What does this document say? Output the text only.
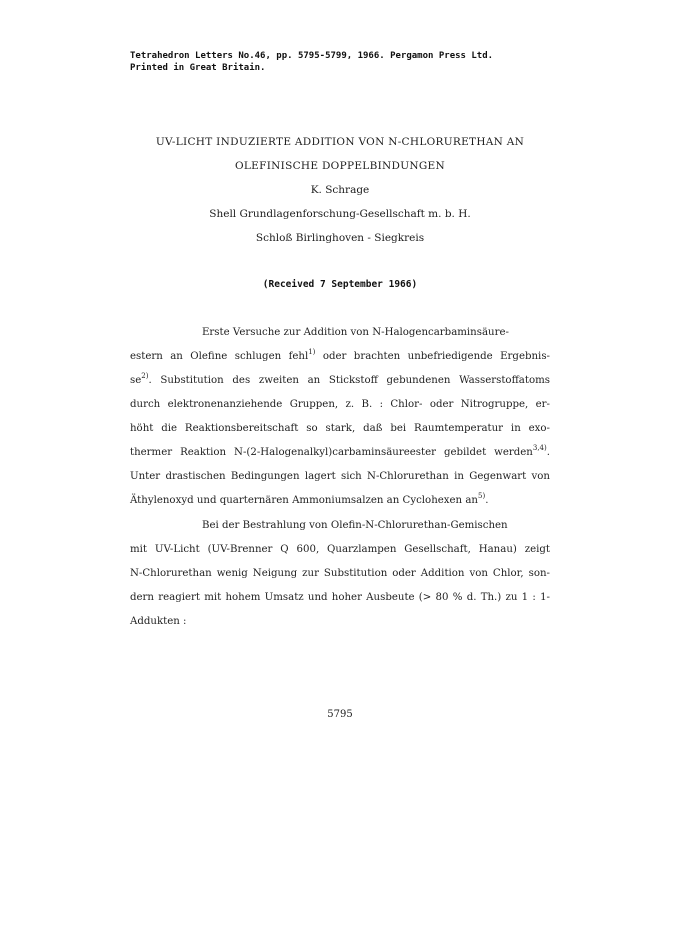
Tetrahedron Letters No.46, pp. 5795-5799, 1966. Pergamon Press Ltd.
Printed in Great Britain.
UV-LICHT INDUZIERTE ADDITION VON N-CHLORURETHAN AN
OLEFINISCHE DOPPELBINDUNGEN
K. Schrage
Shell Grundlagenforschung-Gesellschaft m. b. H.
Schloß Birlinghoven - Siegkreis
(Received 7 September 1966)
Erste Versuche zur Addition von N-Halogencarbaminsäure-
estern an Olefine schlugen fehl$^{1)}$ oder brachten unbefriedigende Ergebnis-
$se^{2)}$. Substitution des zweiten an Stickstoff gebundenen Wasserstoffatoms
durch elektronenanziehende Gruppen, z. B. : Chlor- oder Nitrogruppe, er-
höht die Reaktionsbereitschaft so stark, daß bei Raumtemperatur in exo-
thermer Reaktion N-(2-Halogenalkyl)carbaminsäureester gebildet werden$^{3,4)}$.
Unter drastischen Bedingungen lagert sich N-Chlorurethan in Gegenwart von
Äthylenoxyd und quarternären Ammoniumsalzen an Cyclohexen $an^{5)}$.
Bei der Bestrahlung von Olefin-N-Chlorurethan-Gemischen
mit UV-Licht (UV-Brenner Q 600, Quarzlampen Gesellschaft, Hanau) zeigt
N-Chlorurethan wenig Neigung zur Substitution oder Addition von Chlor, son-
dern reagiert mit hohem Umsatz und hoher Ausbeute (> 80 % d. Th.) zu 1 : 1-
Addukten :
5795
